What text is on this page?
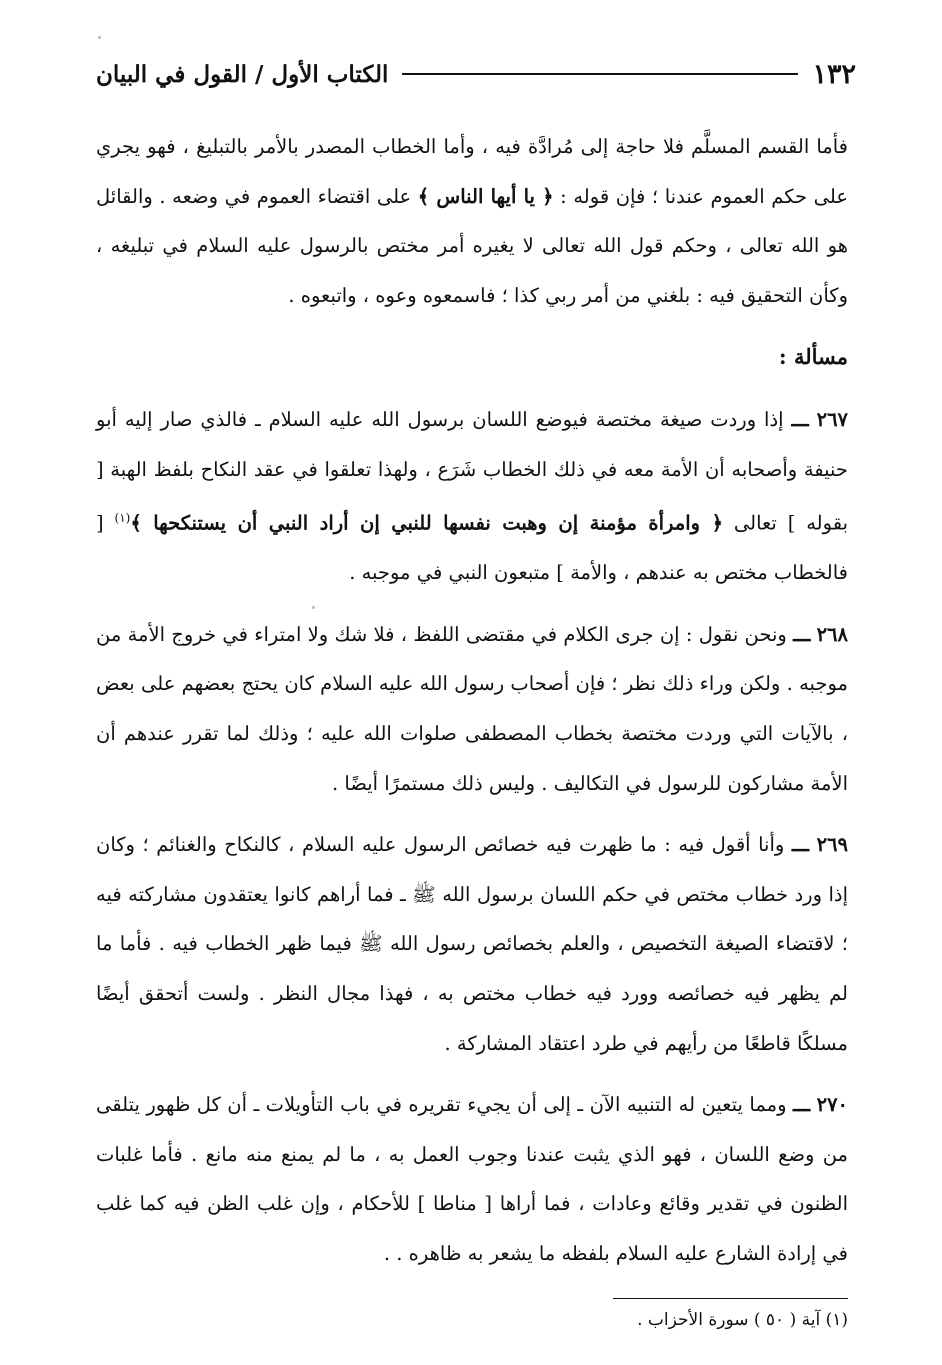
١٣٢
الكتاب الأول / القول في البيان

فأما القسم المسلَّم فلا حاجة إلى مُرادَّة فيه ، وأما الخطاب المصدر بالأمر بالتبليغ ، فهو يجري على حكم العموم عندنا ؛ فإن قوله : ﴿ يا أيها الناس ﴾ على اقتضاء العموم في وضعه . والقائل هو الله تعالى ، وحكم قول الله تعالى لا يغيره أمر مختص بالرسول عليه السلام في تبليغه ، وكأن التحقيق فيه : بلغني من أمر ربي كذا ؛ فاسمعوه وعوه ، واتبعوه .

مسألة :

٢٦٧ ـــ إذا وردت صيغة مختصة فيوضع اللسان برسول الله عليه السلام ـ فالذي صار إليه أبو حنيفة وأصحابه أن الأمة معه في ذلك الخطاب شَرَع ، ولهذا تعلقوا في عقد النكاح بلفظ الهبة [ بقوله ] تعالى ﴿ وامرأة مؤمنة إن وهبت نفسها للنبي إن أراد النبي أن يستنكحها ﴾$^{(١)}$ [ فالخطاب مختص به عندهم ، والأمة ] متبعون النبي في موجبه .

٢٦٨ ـــ ونحن نقول : إن جرى الكلام في مقتضى اللفظ ، فلا شك ولا امتراء في خروج الأمة من موجبه . ولكن وراء ذلك نظر ؛ فإن أصحاب رسول الله عليه السلام كان يحتج بعضهم على بعض ، بالآيات التي وردت مختصة بخطاب المصطفى صلوات الله عليه ؛ وذلك لما تقرر عندهم أن الأمة مشاركون للرسول في التكاليف . وليس ذلك مستمرًا أيضًا .

٢٦٩ ـــ وأنا أقول فيه : ما ظهرت فيه خصائص الرسول عليه السلام ، كالنكاح والغنائم ؛ وكان إذا ورد خطاب مختص في حكم اللسان برسول الله ﷺ ـ فما أراهم كانوا يعتقدون مشاركته فيه ؛ لاقتضاء الصيغة التخصيص ، والعلم بخصائص رسول الله ﷺ فيما ظهر الخطاب فيه . فأما ما لم يظهر فيه خصائصه وورد فيه خطاب مختص به ، فهذا مجال النظر . ولست أتحقق أيضًا مسلكًا قاطعًا من رأيهم في طرد اعتقاد المشاركة .

٢٧٠ ـــ ومما يتعين له التنبيه الآن ـ إلى أن يجيء تقريره في باب التأويلات ـ أن كل ظهور يتلقى من وضع اللسان ، فهو الذي يثبت عندنا وجوب العمل به ، ما لم يمنع منه مانع . فأما غلبات الظنون في تقدير وقائع وعادات ، فما أراها [ مناطا ] للأحكام ، وإن غلب الظن فيه كما غلب في إرادة الشارع عليه السلام بلفظه ما يشعر به ظاهره . .

(١) آية ( ٥٠ ) سورة الأحزاب .
